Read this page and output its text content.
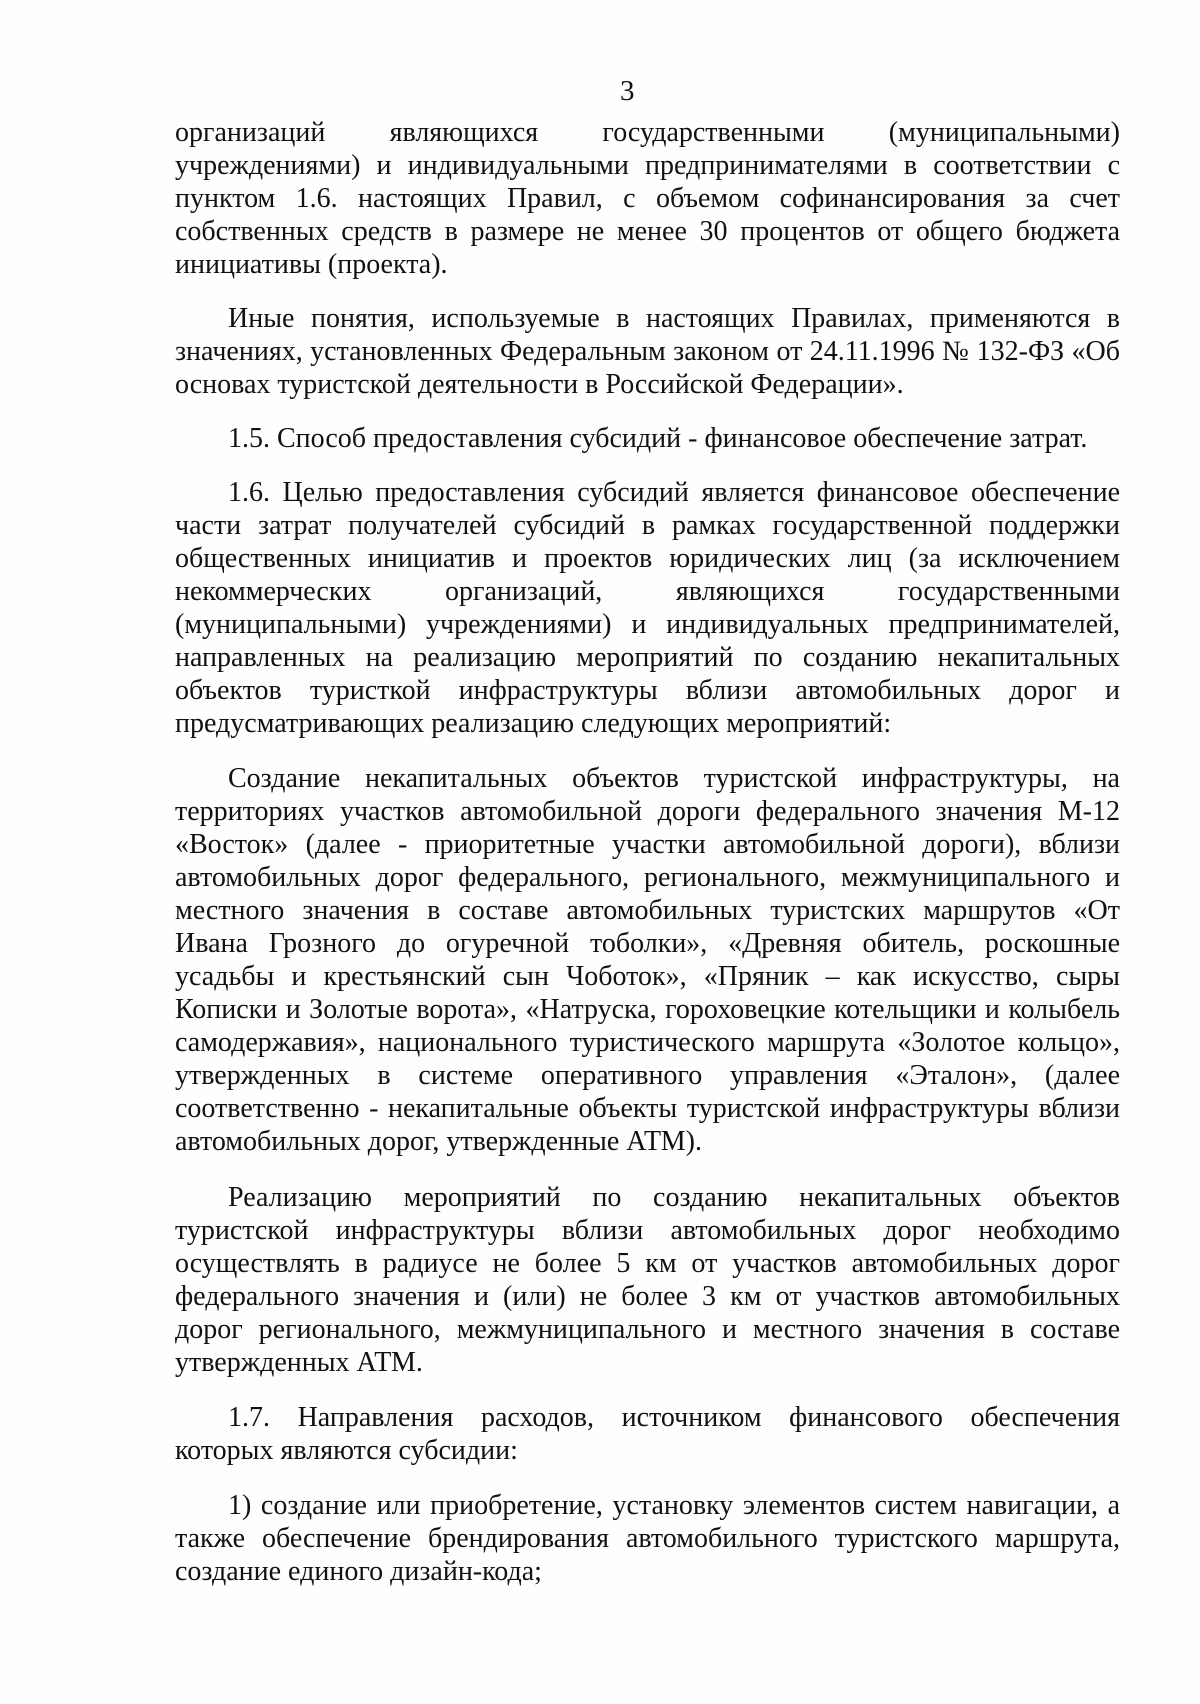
3

организаций являющихся государственными (муниципальными) учреждениями) и индивидуальными предпринимателями в соответствии с пунктом 1.6. настоящих Правил, с объемом софинансирования за счет собственных средств в размере не менее 30 процентов от общего бюджета инициативы (проекта).

Иные понятия, используемые в настоящих Правилах, применяются в значениях, установленных Федеральным законом от 24.11.1996 № 132-ФЗ «Об основах туристской деятельности в Российской Федерации».

1.5. Способ предоставления субсидий - финансовое обеспечение затрат.

1.6. Целью предоставления субсидий является финансовое обеспечение части затрат получателей субсидий в рамках государственной поддержки общественных инициатив и проектов юридических лиц (за исключением некоммерческих организаций, являющихся государственными (муниципальными) учреждениями) и индивидуальных предпринимателей, направленных на реализацию мероприятий по созданию некапитальных объектов туристкой инфраструктуры вблизи автомобильных дорог и предусматривающих реализацию следующих мероприятий:

Создание некапитальных объектов туристской инфраструктуры, на территориях участков автомобильной дороги федерального значения М-12 «Восток» (далее - приоритетные участки автомобильной дороги), вблизи автомобильных дорог федерального, регионального, межмуниципального и местного значения в составе автомобильных туристских маршрутов «От Ивана Грозного до огуречной тоболки», «Древняя обитель, роскошные усадьбы и крестьянский сын Чоботок», «Пряник – как искусство, сыры Кописки и Золотые ворота», «Натруска, гороховецкие котельщики и колыбель самодержавия», национального туристического маршрута «Золотое кольцо», утвержденных в системе оперативного управления «Эталон», (далее соответственно - некапитальные объекты туристской инфраструктуры вблизи автомобильных дорог, утвержденные АТМ).

Реализацию мероприятий по созданию некапитальных объектов туристской инфраструктуры вблизи автомобильных дорог необходимо осуществлять в радиусе не более 5 км от участков автомобильных дорог федерального значения и (или) не более 3 км от участков автомобильных дорог регионального, межмуниципального и местного значения в составе утвержденных АТМ.

1.7. Направления расходов, источником финансового обеспечения которых являются субсидии:

1) создание или приобретение, установку элементов систем навигации, а также обеспечение брендирования автомобильного туристского маршрута, создание единого дизайн-кода;
